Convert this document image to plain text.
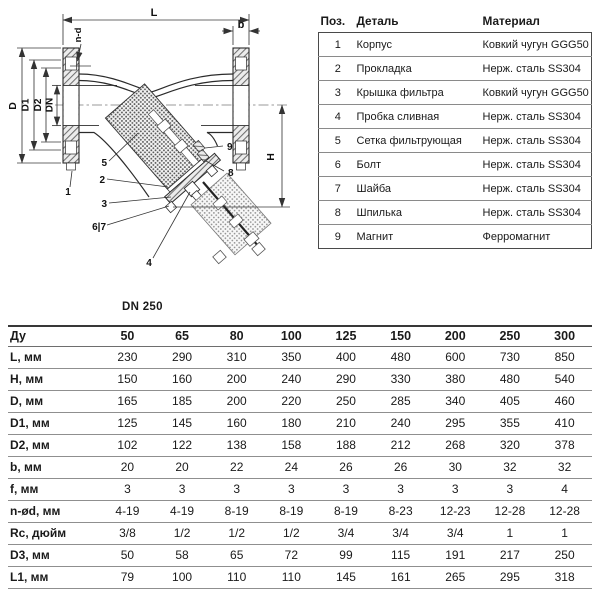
L
b
n-d
D D1 D2 DN
H
1
5
2
3
6|7
4
9
8
DN 250
Поз.	Деталь	Материал
1	Корпус	Ковкий чугун GGG50
2	Прокладка	Нерж. сталь SS304
3	Крышка фильтра	Ковкий чугун GGG50
4	Пробка сливная	Нерж. сталь SS304
5	Сетка фильтрующая	Нерж. сталь SS304
6	Болт	Нерж. сталь SS304
7	Шайба	Нерж. сталь SS304
8	Шпилька	Нерж. сталь SS304
9	Магнит	Ферромагнит
Ду	50	65	80	100	125	150	200	250	300
L, мм	230	290	310	350	400	480	600	730	850
H, мм	150	160	200	240	290	330	380	480	540
D, мм	165	185	200	220	250	285	340	405	460
D1, мм	125	145	160	180	210	240	295	355	410
D2, мм	102	122	138	158	188	212	268	320	378
b, мм	20	20	22	24	26	26	30	32	32
f, мм	3	3	3	3	3	3	3	3	4
n-ød, мм	4-19	4-19	8-19	8-19	8-19	8-23	12-23	12-28	12-28
Rc, дюйм	3/8	1/2	1/2	1/2	3/4	3/4	3/4	1	1
D3, мм	50	58	65	72	99	115	191	217	250
L1, мм	79	100	110	110	145	161	265	295	318
